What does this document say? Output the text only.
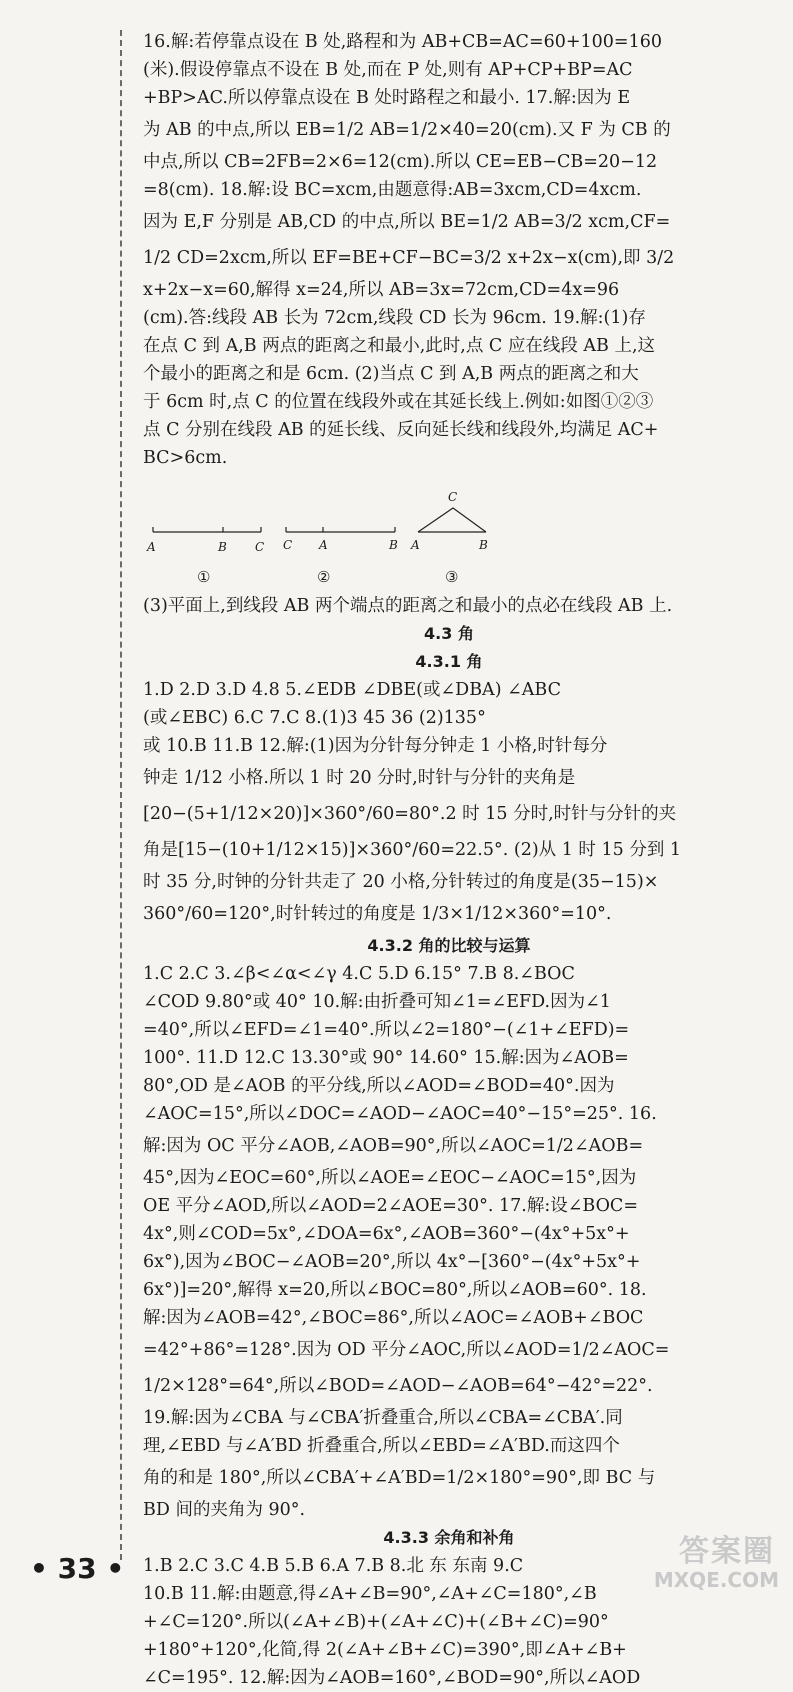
16.解:若停靠点设在 B 处,路程和为 AB+CB=AC=60+100=160
(米).假设停靠点不设在 B 处,而在 P 处,则有 AP+CP+BP=AC
+BP>AC.所以停靠点设在 B 处时路程之和最小. 17.解:因为 E
为 AB 的中点,所以 EB=1/2 AB=1/2×40=20(cm).又 F 为 CB 的
中点,所以 CB=2FB=2×6=12(cm).所以 CE=EB−CB=20−12
=8(cm). 18.解:设 BC=xcm,由题意得:AB=3xcm,CD=4xcm.
因为 E,F 分别是 AB,CD 的中点,所以 BE=1/2 AB=3/2 xcm,CF=
1/2 CD=2xcm,所以 EF=BE+CF−BC=3/2 x+2x−x(cm),即 3/2
x+2x−x=60,解得 x=24,所以 AB=3x=72cm,CD=4x=96
(cm).答:线段 AB 长为 72cm,线段 CD 长为 96cm. 19.解:(1)存
在点 C 到 A,B 两点的距离之和最小,此时,点 C 应在线段 AB 上,这
个最小的距离之和是 6cm. (2)当点 C 到 A,B 两点的距离之和大
于 6cm 时,点 C 的位置在线段外或在其延长线上.例如:如图①②③
点 C 分别在线段 AB 的延长线、反向延长线和线段外,均满足 AC+
BC>6cm.
A	B C
①
C A	B
②
C
A	B
③
(3)平面上,到线段 AB 两个端点的距离之和最小的点必在线段 AB 上.
4.3 角
4.3.1 角
1.D 2.D 3.D 4.8 5.∠EDB ∠DBE(或∠DBA) ∠ABC
(或∠EBC) 6.C 7.C 8.(1)3 45 36 (2)135°
或 10.B 11.B 12.解:(1)因为分针每分钟走 1 小格,时针每分
钟走 1/12 小格.所以 1 时 20 分时,时针与分针的夹角是
[20−(5+1/12×20)]×360°/60=80°.2 时 15 分时,时针与分针的夹
角是[15−(10+1/12×15)]×360°/60=22.5°. (2)从 1 时 15 分到 1
时 35 分,时钟的分针共走了 20 小格,分针转过的角度是(35−15)×
360°/60=120°,时针转过的角度是 1/3×1/12×360°=10°.
4.3.2 角的比较与运算
1.C 2.C 3.∠β<∠α<∠γ 4.C 5.D 6.15° 7.B 8.∠BOC
∠COD 9.80°或 40° 10.解:由折叠可知∠1=∠EFD.因为∠1
=40°,所以∠EFD=∠1=40°.所以∠2=180°−(∠1+∠EFD)=
100°. 11.D 12.C 13.30°或 90° 14.60° 15.解:因为∠AOB=
80°,OD 是∠AOB 的平分线,所以∠AOD=∠BOD=40°.因为
∠AOC=15°,所以∠DOC=∠AOD−∠AOC=40°−15°=25°. 16.
解:因为 OC 平分∠AOB,∠AOB=90°,所以∠AOC=1/2∠AOB=
45°,因为∠EOC=60°,所以∠AOE=∠EOC−∠AOC=15°,因为
OE 平分∠AOD,所以∠AOD=2∠AOE=30°. 17.解:设∠BOC=
4x°,则∠COD=5x°,∠DOA=6x°,∠AOB=360°−(4x°+5x°+
6x°),因为∠BOC−∠AOB=20°,所以 4x°−[360°−(4x°+5x°+
6x°)]=20°,解得 x=20,所以∠BOC=80°,所以∠AOB=60°. 18.
解:因为∠AOB=42°,∠BOC=86°,所以∠AOC=∠AOB+∠BOC
=42°+86°=128°.因为 OD 平分∠AOC,所以∠AOD=1/2∠AOC=
1/2×128°=64°,所以∠BOD=∠AOD−∠AOB=64°−42°=22°.
19.解:因为∠CBA 与∠CBA′折叠重合,所以∠CBA=∠CBA′.同
理,∠EBD 与∠A′BD 折叠重合,所以∠EBD=∠A′BD.而这四个
角的和是 180°,所以∠CBA′+∠A′BD=1/2×180°=90°,即 BC 与
BD 间的夹角为 90°.
4.3.3 余角和补角
1.B 2.C 3.C 4.B 5.B 6.A 7.B 8.北 东 东南 9.C
10.B 11.解:由题意,得∠A+∠B=90°,∠A+∠C=180°,∠B
+∠C=120°.所以(∠A+∠B)+(∠A+∠C)+(∠B+∠C)=90°
+180°+120°,化简,得 2(∠A+∠B+∠C)=390°,即∠A+∠B+
∠C=195°. 12.解:因为∠AOB=160°,∠BOD=90°,所以∠AOD
• 33 •	答案圈
MXQE.COM
